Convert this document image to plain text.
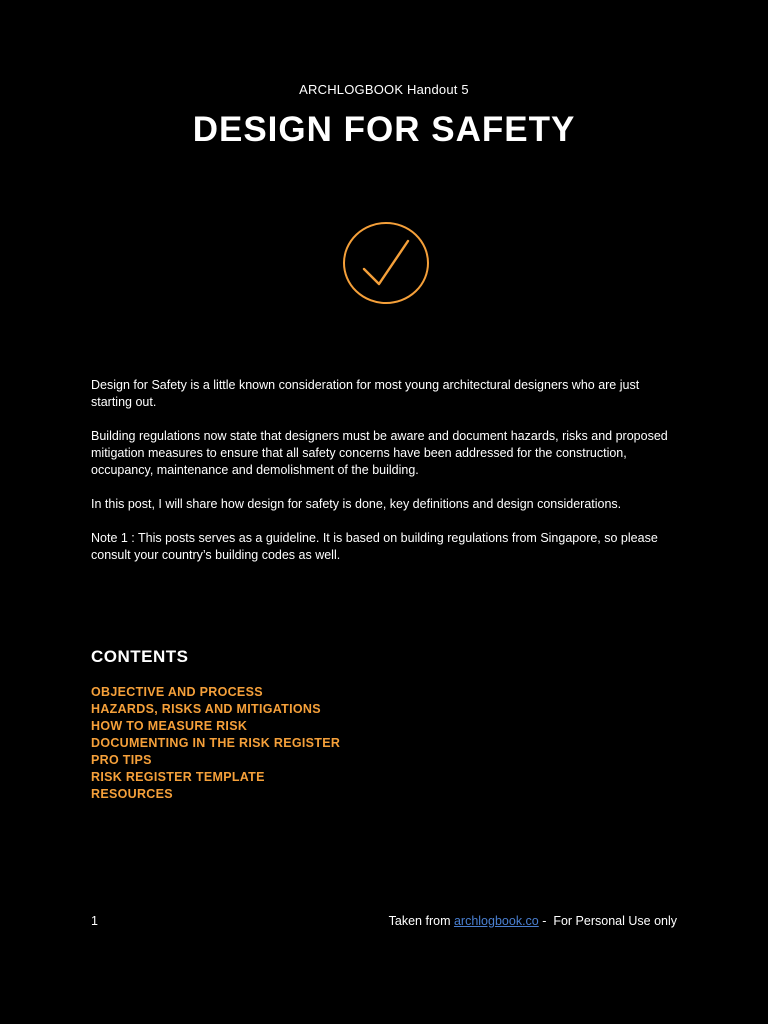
ARCHLOGBOOK Handout 5
DESIGN FOR SAFETY

Design for Safety is a little known consideration for most young architectural designers who are just starting out.

Building regulations now state that designers must be aware and document hazards, risks and proposed mitigation measures to ensure that all safety concerns have been addressed for the construction, occupancy, maintenance and demolishment of the building.

In this post, I will share how design for safety is done, key definitions and design considerations.

Note 1 : This posts serves as a guideline. It is based on building regulations from Singapore, so please consult your country’s building codes as well.

CONTENTS
OBJECTIVE AND PROCESS
HAZARDS, RISKS AND MITIGATIONS
HOW TO MEASURE RISK
DOCUMENTING IN THE RISK REGISTER
PRO TIPS
RISK REGISTER TEMPLATE
RESOURCES
1	Taken from archlogbook.co -  For Personal Use only
